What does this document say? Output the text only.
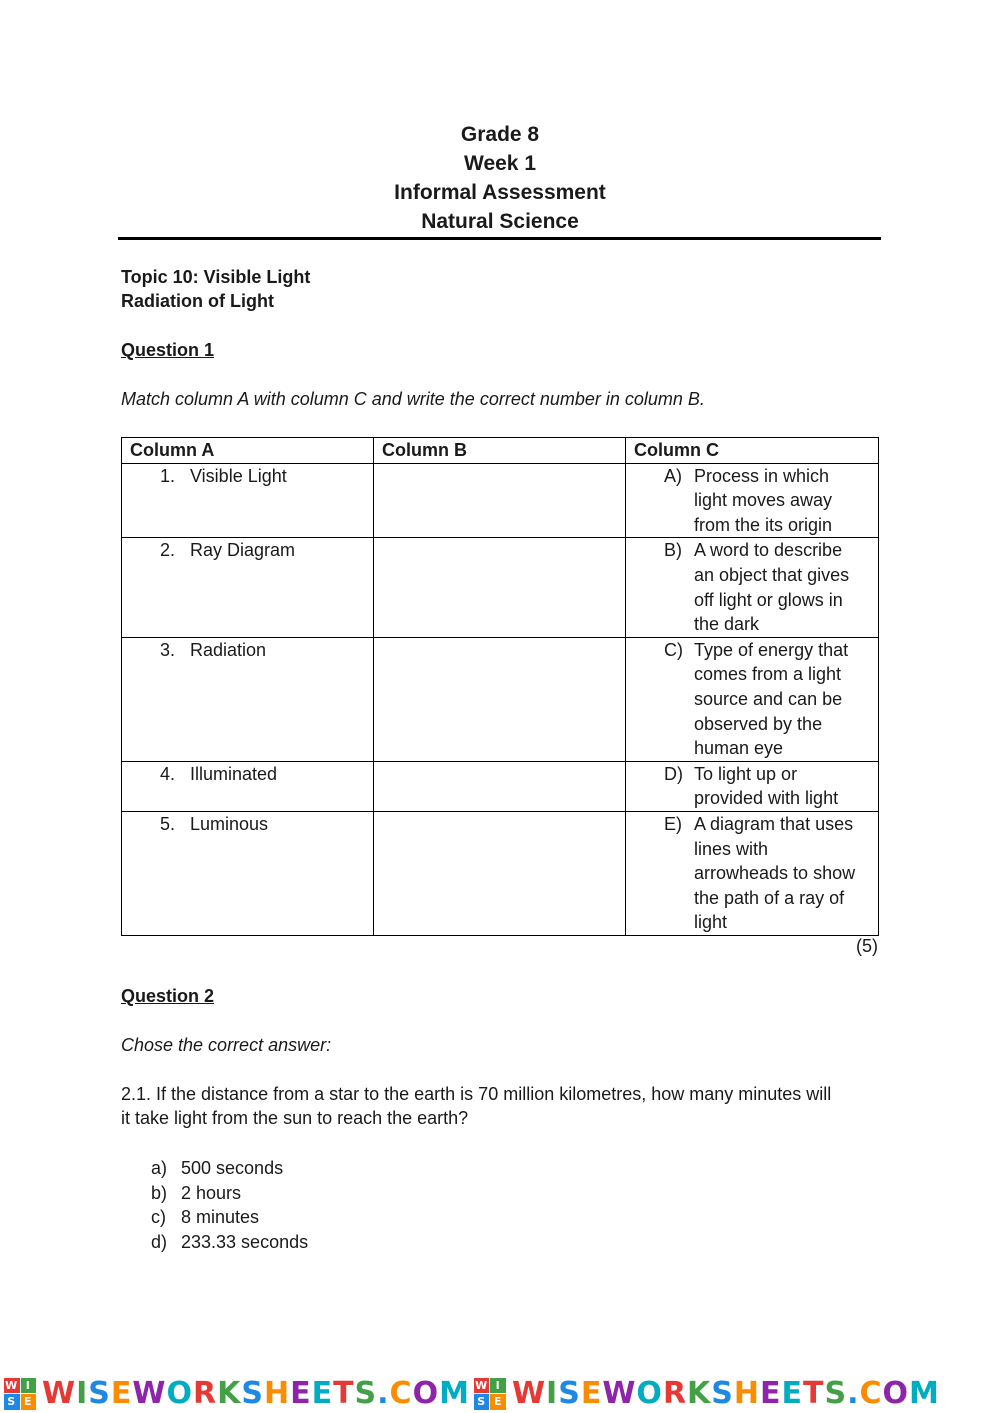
Grade 8
Week 1
Informal Assessment
Natural Science
Topic 10: Visible Light
Radiation of Light
Question 1
Match column A with column C and write the correct number in column B.
Column A	Column B	Column C
1. Visible Light		A) Process in which light moves away from the its origin

2. Ray Diagram		B) A word to describe an object that gives off light or glows in the dark

3. Radiation		C) Type of energy that comes from a light source and can be observed by the human eye

4. Illuminated		D) To light up or provided with light

5. Luminous		E) A diagram that uses lines with arrowheads to show the path of a ray of light
(5)
Question 2
Chose the correct answer:
2.1. If the distance from a star to the earth is 70 million kilometres, how many minutes will
it take light from the sun to reach the earth?
a) 500 seconds
b) 2 hours
c) 8 minutes
d) 233.33 seconds
W I
S E WISEWORKSHEETS.COM W I
S E WISEWORKSHEETS.COM
